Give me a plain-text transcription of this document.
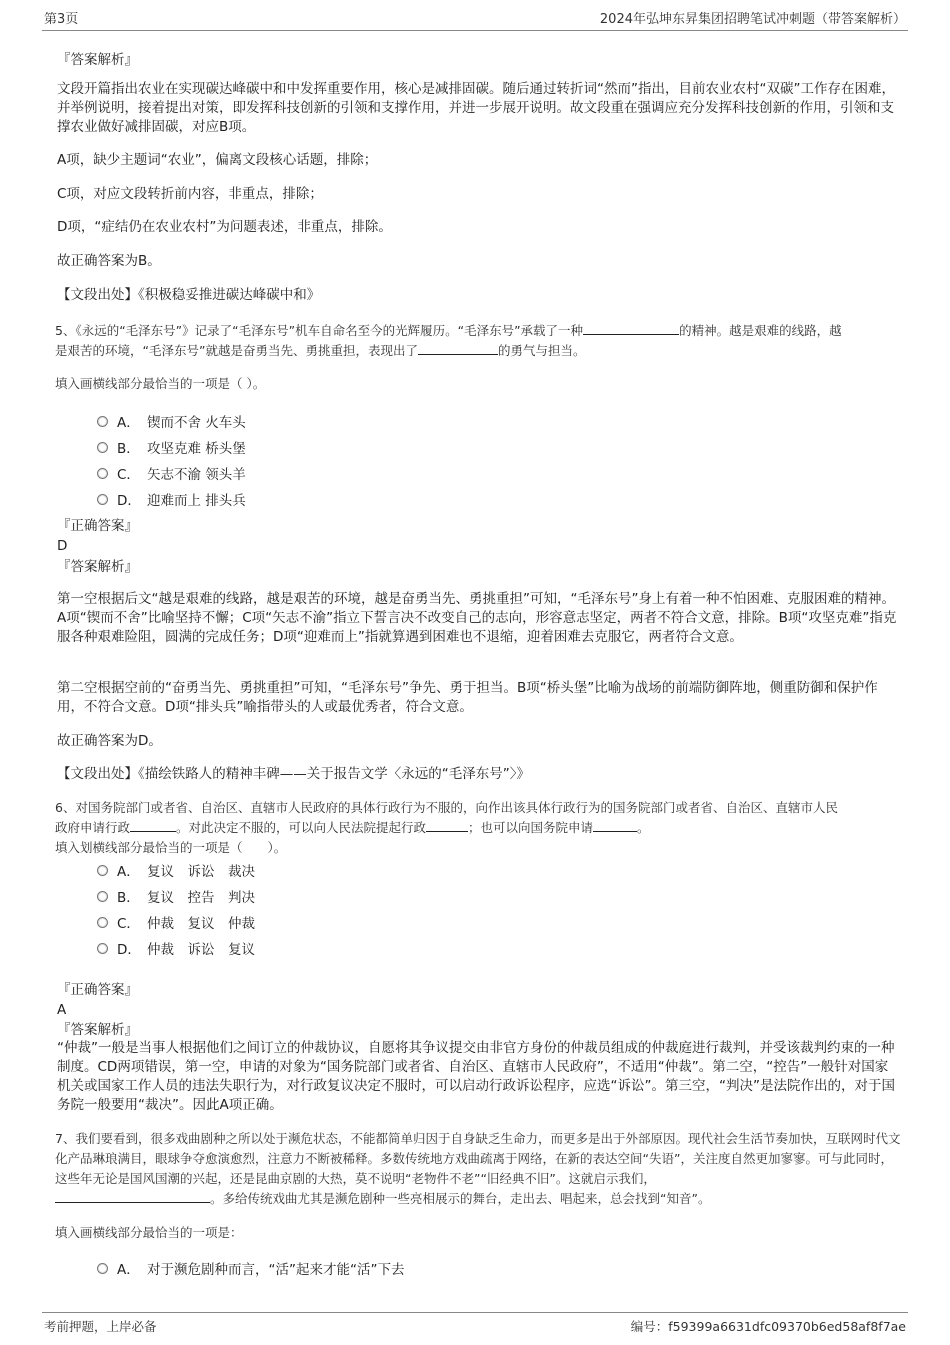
第3页	2024年弘坤东昇集团招聘笔试冲刺题（带答案解析）
『答案解析』
文段开篇指出农业在实现碳达峰碳中和中发挥重要作用，核心是减排固碳。随后通过转折词“然而”指出，目前农业农村“双碳”工作存在困难，并举例说明，接着提出对策，即发挥科技创新的引领和支撑作用，并进一步展开说明。故文段重在强调应充分发挥科技创新的作用，引领和支撑农业做好减排固碳，对应B项。
A项，缺少主题词“农业”，偏离文段核心话题，排除；
C项，对应文段转折前内容，非重点，排除；
D项，“症结仍在农业农村”为问题表述，非重点，排除。
故正确答案为B。
【文段出处】《积极稳妥推进碳达峰碳中和》
5、《永远的“毛泽东号”》记录了“毛泽东号”机车自命名至今的光辉履历。“毛泽东号”承载了一种	的精神。越是艰难的线路，越
是艰苦的环境，“毛泽东号”就越是奋勇当先、勇挑重担，表现出了	的勇气与担当。
填入画横线部分最恰当的一项是（ ）。
A． 锲而不舍 火车头
B． 攻坚克难 桥头堡
C． 矢志不渝 领头羊
D． 迎难而上 排头兵
『正确答案』
D
『答案解析』
第一空根据后文“越是艰难的线路，越是艰苦的环境，越是奋勇当先、勇挑重担”可知，“毛泽东号”身上有着一种不怕困难、克服困难的精神。A项“锲而不舍”比喻坚持不懈；C项“矢志不渝”指立下誓言决不改变自己的志向，形容意志坚定，两者不符合文意，排除。B项“攻坚克难”指克服各种艰难险阻，圆满的完成任务；D项“迎难而上”指就算遇到困难也不退缩，迎着困难去克服它，两者符合文意。
第二空根据空前的“奋勇当先、勇挑重担”可知，“毛泽东号”争先、勇于担当。B项“桥头堡”比喻为战场的前端防御阵地，侧重防御和保护作用，不符合文意。D项“排头兵”喻指带头的人或最优秀者，符合文意。
故正确答案为D。
【文段出处】《描绘铁路人的精神丰碑——关于报告文学〈永远的“毛泽东号”〉》
6、对国务院部门或者省、自治区、直辖市人民政府的具体行政行为不服的，向作出该具体行政行为的国务院部门或者省、自治区、直辖市人民
政府申请行政	。对此决定不服的，可以向人民法院提起行政	；也可以向国务院申请	。
填入划横线部分最恰当的一项是（　　）。
A． 复议　诉讼　裁决
B． 复议　控告　判决
C． 仲裁　复议　仲裁
D． 仲裁　诉讼　复议
『正确答案』
A
『答案解析』
“仲裁”一般是当事人根据他们之间订立的仲裁协议，自愿将其争议提交由非官方身份的仲裁员组成的仲裁庭进行裁判，并受该裁判约束的一种制度。CD两项错误，第一空，申请的对象为“国务院部门或者省、自治区、直辖市人民政府”，不适用“仲裁”。第二空，“控告”一般针对国家机关或国家工作人员的违法失职行为，对行政复议决定不服时，可以启动行政诉讼程序，应选“诉讼”。第三空，“判决”是法院作出的，对于国务院一般要用“裁决”。因此A项正确。
7、我们要看到，很多戏曲剧种之所以处于濒危状态，不能都简单归因于自身缺乏生命力，而更多是出于外部原因。现代社会生活节奏加快，互联网时代文化产品琳琅满目，眼球争夺愈演愈烈，注意力不断被稀释。多数传统地方戏曲疏离于网络，在新的表达空间“失语”，关注度自然更加寥寥。可与此同时，这些年无论是国风国潮的兴起，还是昆曲京剧的大热，莫不说明“老物件不老”“旧经典不旧”。这就启示我们，
。多给传统戏曲尤其是濒危剧种一些亮相展示的舞台，走出去、唱起来，总会找到“知音”。
填入画横线部分最恰当的一项是：
A． 对于濒危剧种而言，“活”起来才能“活”下去
考前押题，上岸必备	编号：f59399a6631dfc09370b6ed58af8f7ae
